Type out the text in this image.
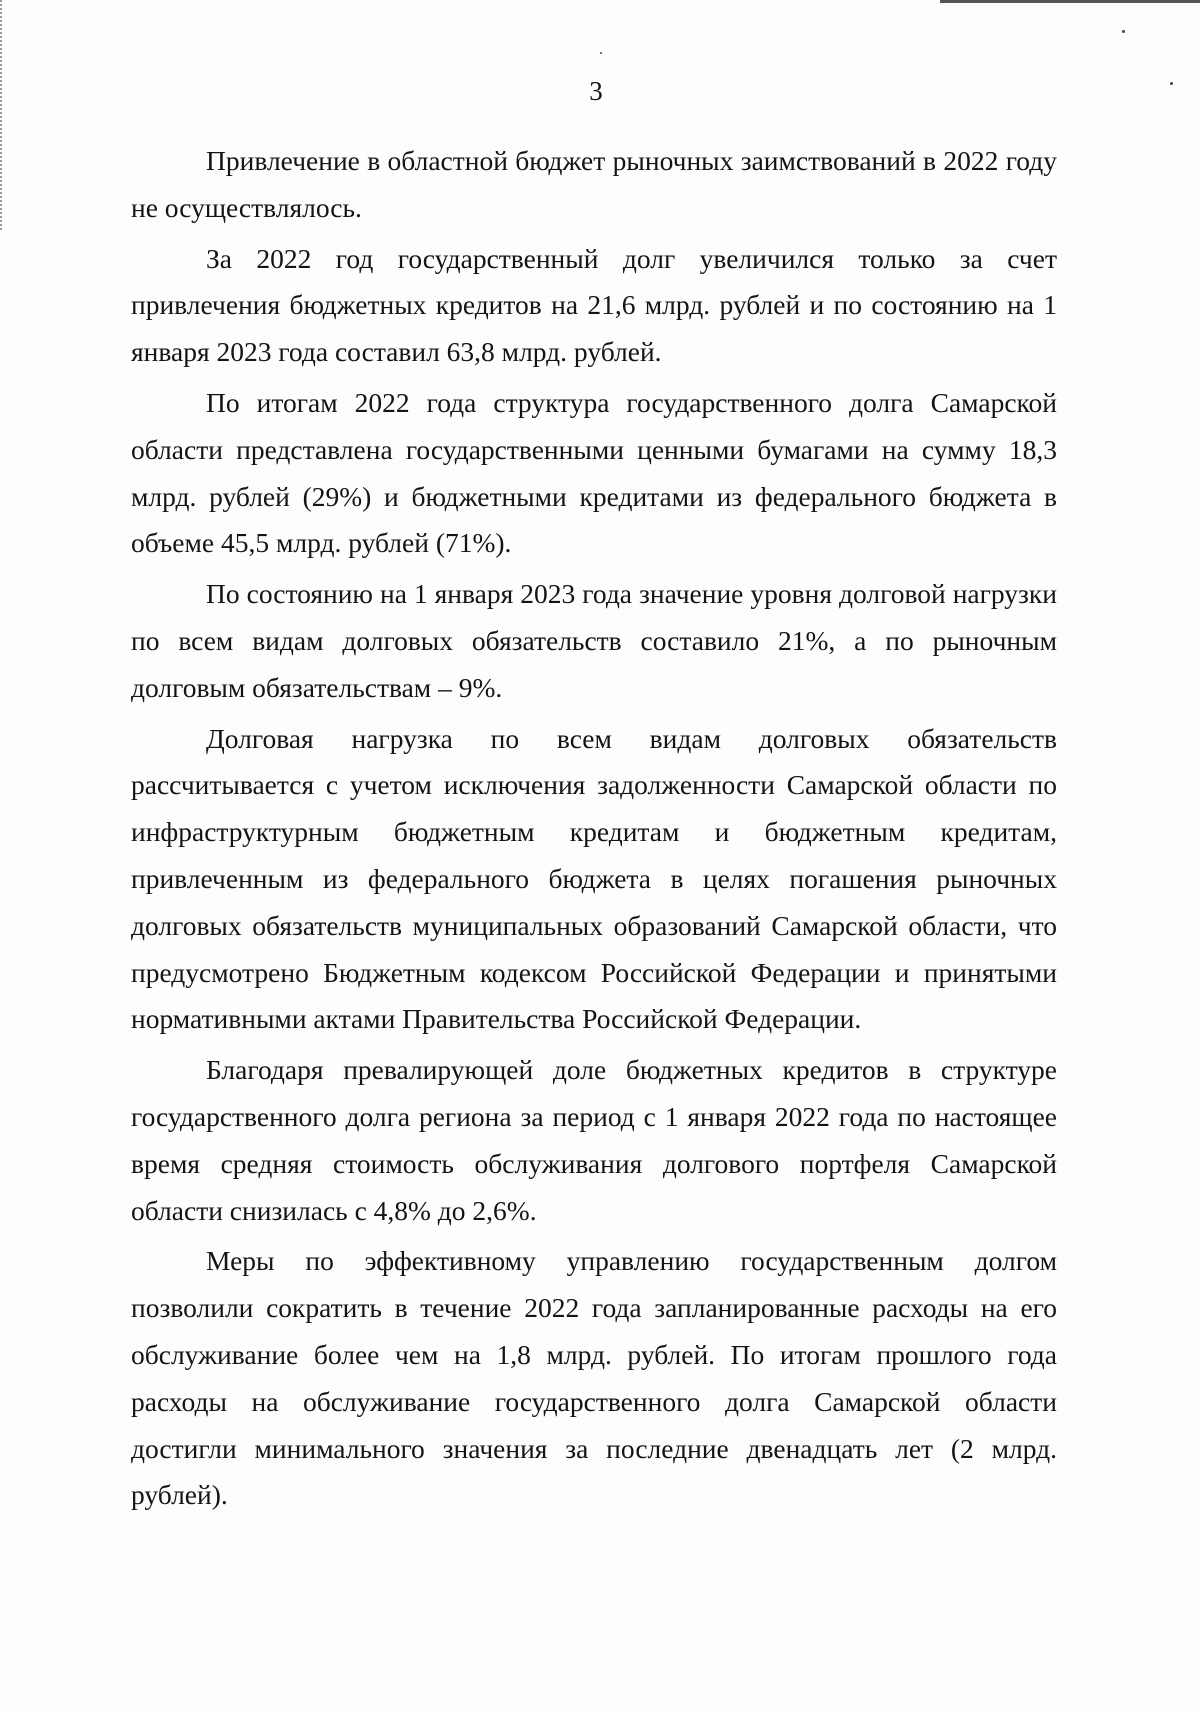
3

Привлечение в областной бюджет рыночных заимствований в 2022 году не осуществлялось.

За 2022 год государственный долг увеличился только за счет привлечения бюджетных кредитов на 21,6 млрд. рублей и по состоянию на 1 января 2023 года составил 63,8 млрд. рублей.

По итогам 2022 года структура государственного долга Самарской области представлена государственными ценными бумагами на сумму 18,3 млрд. рублей (29%) и бюджетными кредитами из федерального бюджета в объеме 45,5 млрд. рублей (71%).

По состоянию на 1 января 2023 года значение уровня долговой нагрузки по всем видам долговых обязательств составило 21%, а по рыночным долговым обязательствам – 9%.

Долговая нагрузка по всем видам долговых обязательств рассчитывается с учетом исключения задолженности Самарской области по инфраструктурным бюджетным кредитам и бюджетным кредитам, привлеченным из федерального бюджета в целях погашения рыночных долговых обязательств муниципальных образований Самарской области, что предусмотрено Бюджетным кодексом Российской Федерации и принятыми нормативными актами Правительства Российской Федерации.

Благодаря превалирующей доле бюджетных кредитов в структуре государственного долга региона за период с 1 января 2022 года по настоящее время средняя стоимость обслуживания долгового портфеля Самарской области снизилась с 4,8% до 2,6%.

Меры по эффективному управлению государственным долгом позволили сократить в течение 2022 года запланированные расходы на его обслуживание более чем на 1,8 млрд. рублей. По итогам прошлого года расходы на обслуживание государственного долга Самарской области достигли минимального значения за последние двенадцать лет (2 млрд. рублей).
